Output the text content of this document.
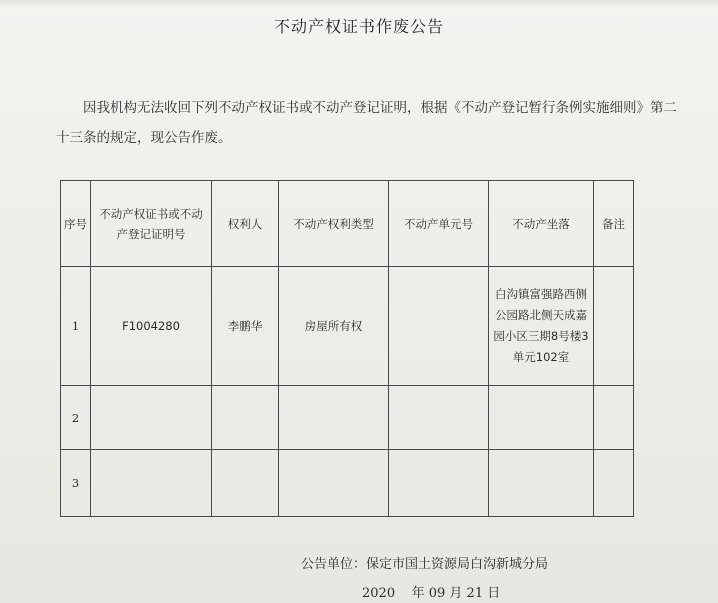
不动产权证书作废公告
因我机构无法收回下列不动产权证书或不动产登记证明，根据《不动产登记暂行条例实施细则》第二十三条的规定，现公告作废。
序号	不动产权证书或不动产登记证明号	权利人	不动产权利类型	不动产单元号	不动产坐落	备注
1	F1004280	李鹏华	房屋所有权		白沟镇富强路西侧公园路北侧天成嘉园小区三期8号楼3单元102室	
2						
3						
公告单位：保定市国土资源局白沟新城分局
2020    年 09 月 21 日
